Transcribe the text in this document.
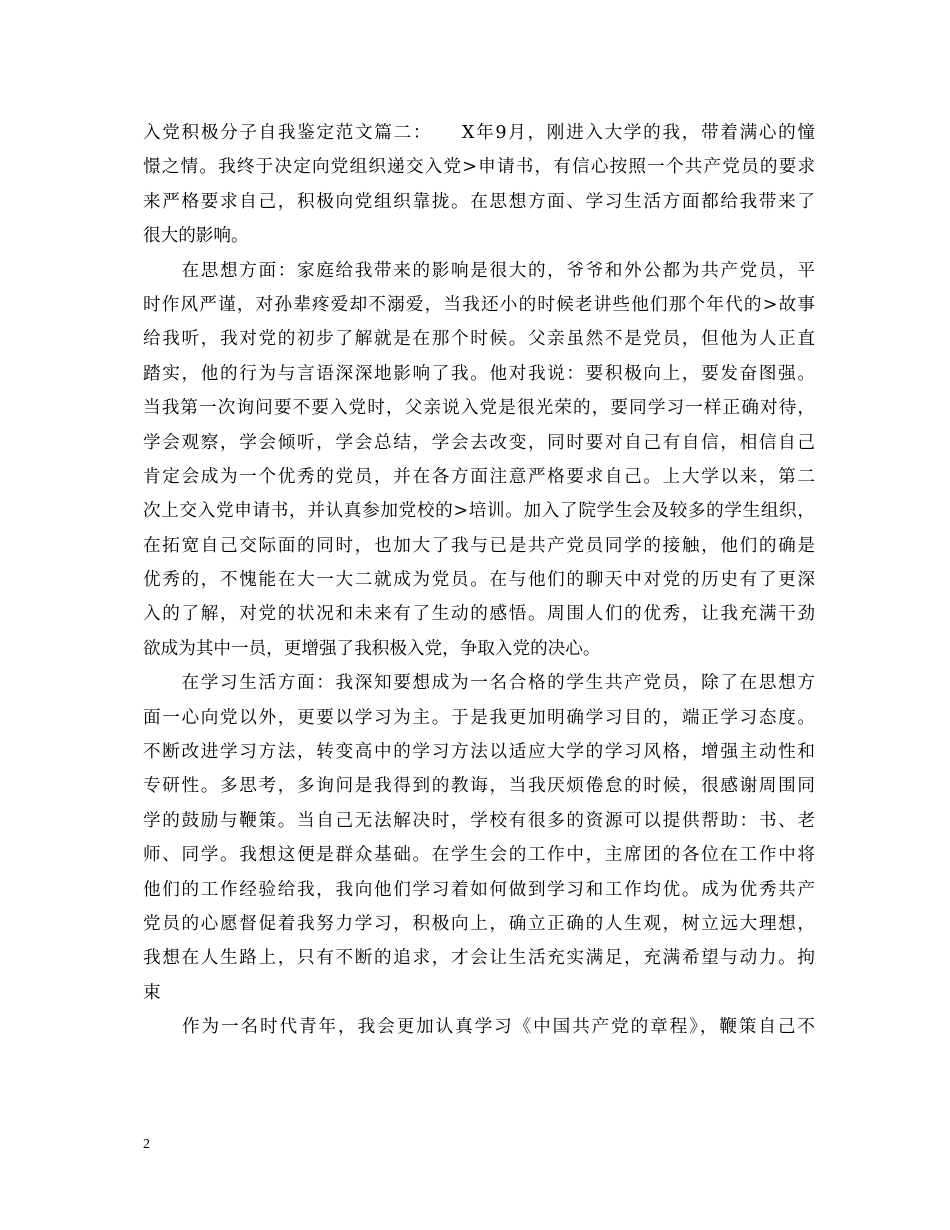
入党积极分子自我鉴定范文篇二：　　X年9月，刚进入大学的我，带着满心的憧
憬之情。我终于决定向党组织递交入党>申请书，有信心按照一个共产党员的要求
来严格要求自己，积极向党组织靠拢。在思想方面、学习生活方面都给我带来了
很大的影响。
　　在思想方面：家庭给我带来的影响是很大的，爷爷和外公都为共产党员，平
时作风严谨，对孙辈疼爱却不溺爱，当我还小的时候老讲些他们那个年代的>故事
给我听，我对党的初步了解就是在那个时候。父亲虽然不是党员，但他为人正直
踏实，他的行为与言语深深地影响了我。他对我说：要积极向上，要发奋图强。
当我第一次询问要不要入党时，父亲说入党是很光荣的，要同学习一样正确对待，
学会观察，学会倾听，学会总结，学会去改变，同时要对自己有自信，相信自己
肯定会成为一个优秀的党员，并在各方面注意严格要求自己。上大学以来，第二
次上交入党申请书，并认真参加党校的>培训。加入了院学生会及较多的学生组织，
在拓宽自己交际面的同时，也加大了我与已是共产党员同学的接触，他们的确是
优秀的，不愧能在大一大二就成为党员。在与他们的聊天中对党的历史有了更深
入的了解，对党的状况和未来有了生动的感悟。周围人们的优秀，让我充满干劲
欲成为其中一员，更增强了我积极入党，争取入党的决心。
　　在学习生活方面：我深知要想成为一名合格的学生共产党员，除了在思想方
面一心向党以外，更要以学习为主。于是我更加明确学习目的，端正学习态度。
不断改进学习方法，转变高中的学习方法以适应大学的学习风格，增强主动性和
专研性。多思考，多询问是我得到的教诲，当我厌烦倦怠的时候，很感谢周围同
学的鼓励与鞭策。当自己无法解决时，学校有很多的资源可以提供帮助：书、老
师、同学。我想这便是群众基础。在学生会的工作中，主席团的各位在工作中将
他们的工作经验给我，我向他们学习着如何做到学习和工作均优。成为优秀共产
党员的心愿督促着我努力学习，积极向上，确立正确的人生观，树立远大理想，
我想在人生路上，只有不断的追求，才会让生活充实满足，充满希望与动力。拘
束
　　作为一名时代青年，我会更加认真学习《中国共产党的章程》，鞭策自己不
2
